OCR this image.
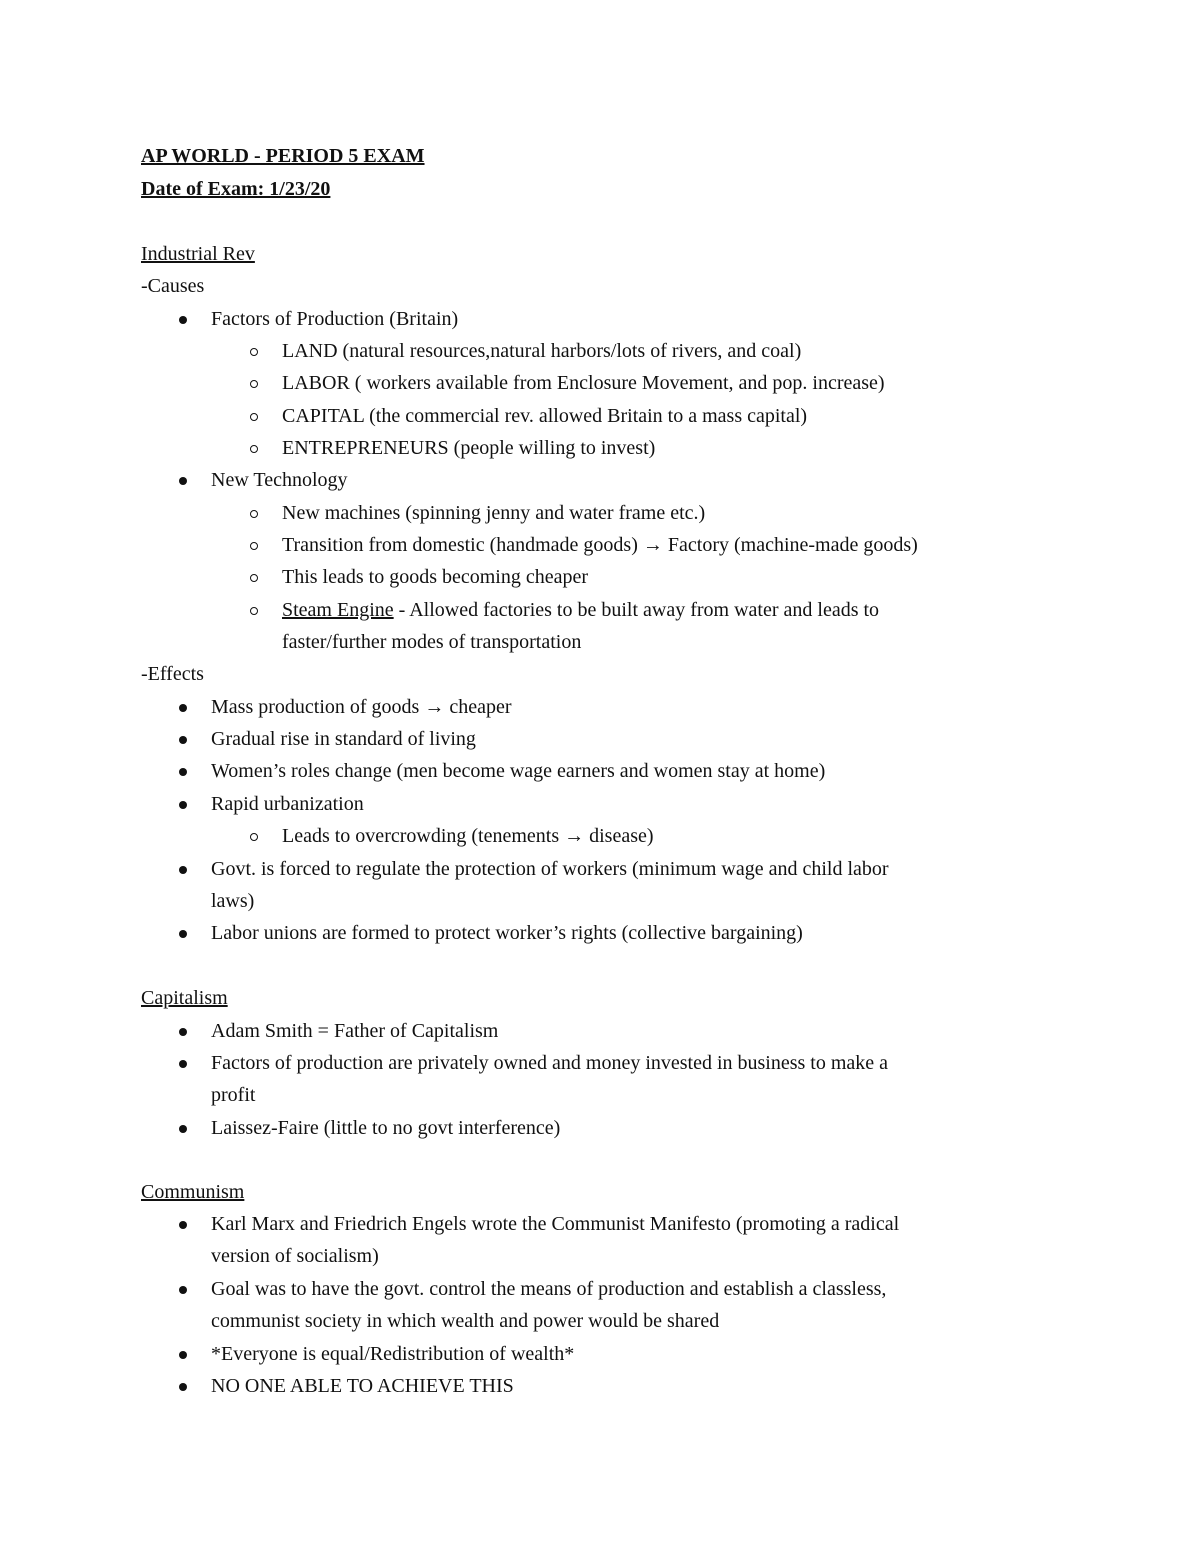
AP WORLD - PERIOD 5 EXAM
Date of Exam: 1/23/20
Industrial Rev
-Causes
Factors of Production (Britain)
LAND (natural resources,natural harbors/lots of rivers, and coal)
LABOR ( workers available from Enclosure Movement, and pop. increase)
CAPITAL (the commercial rev. allowed Britain to a mass capital)
ENTREPRENEURS (people willing to invest)
New Technology
New machines (spinning jenny and water frame etc.)
Transition from domestic (handmade goods) → Factory (machine-made goods)
This leads to goods becoming cheaper
Steam Engine - Allowed factories to be built away from water and leads to
faster/further modes of transportation
-Effects
Mass production of goods → cheaper
Gradual rise in standard of living
Women’s roles change (men become wage earners and women stay at home)
Rapid urbanization
Leads to overcrowding (tenements → disease)
Govt. is forced to regulate the protection of workers (minimum wage and child labor
laws)
Labor unions are formed to protect worker’s rights (collective bargaining)
Capitalism
Adam Smith = Father of Capitalism
Factors of production are privately owned and money invested in business to make a
profit
Laissez-Faire (little to no govt interference)
Communism
Karl Marx and Friedrich Engels wrote the Communist Manifesto (promoting a radical
version of socialism)
Goal was to have the govt. control the means of production and establish a classless,
communist society in which wealth and power would be shared
*Everyone is equal/Redistribution of wealth*
NO ONE ABLE TO ACHIEVE THIS
